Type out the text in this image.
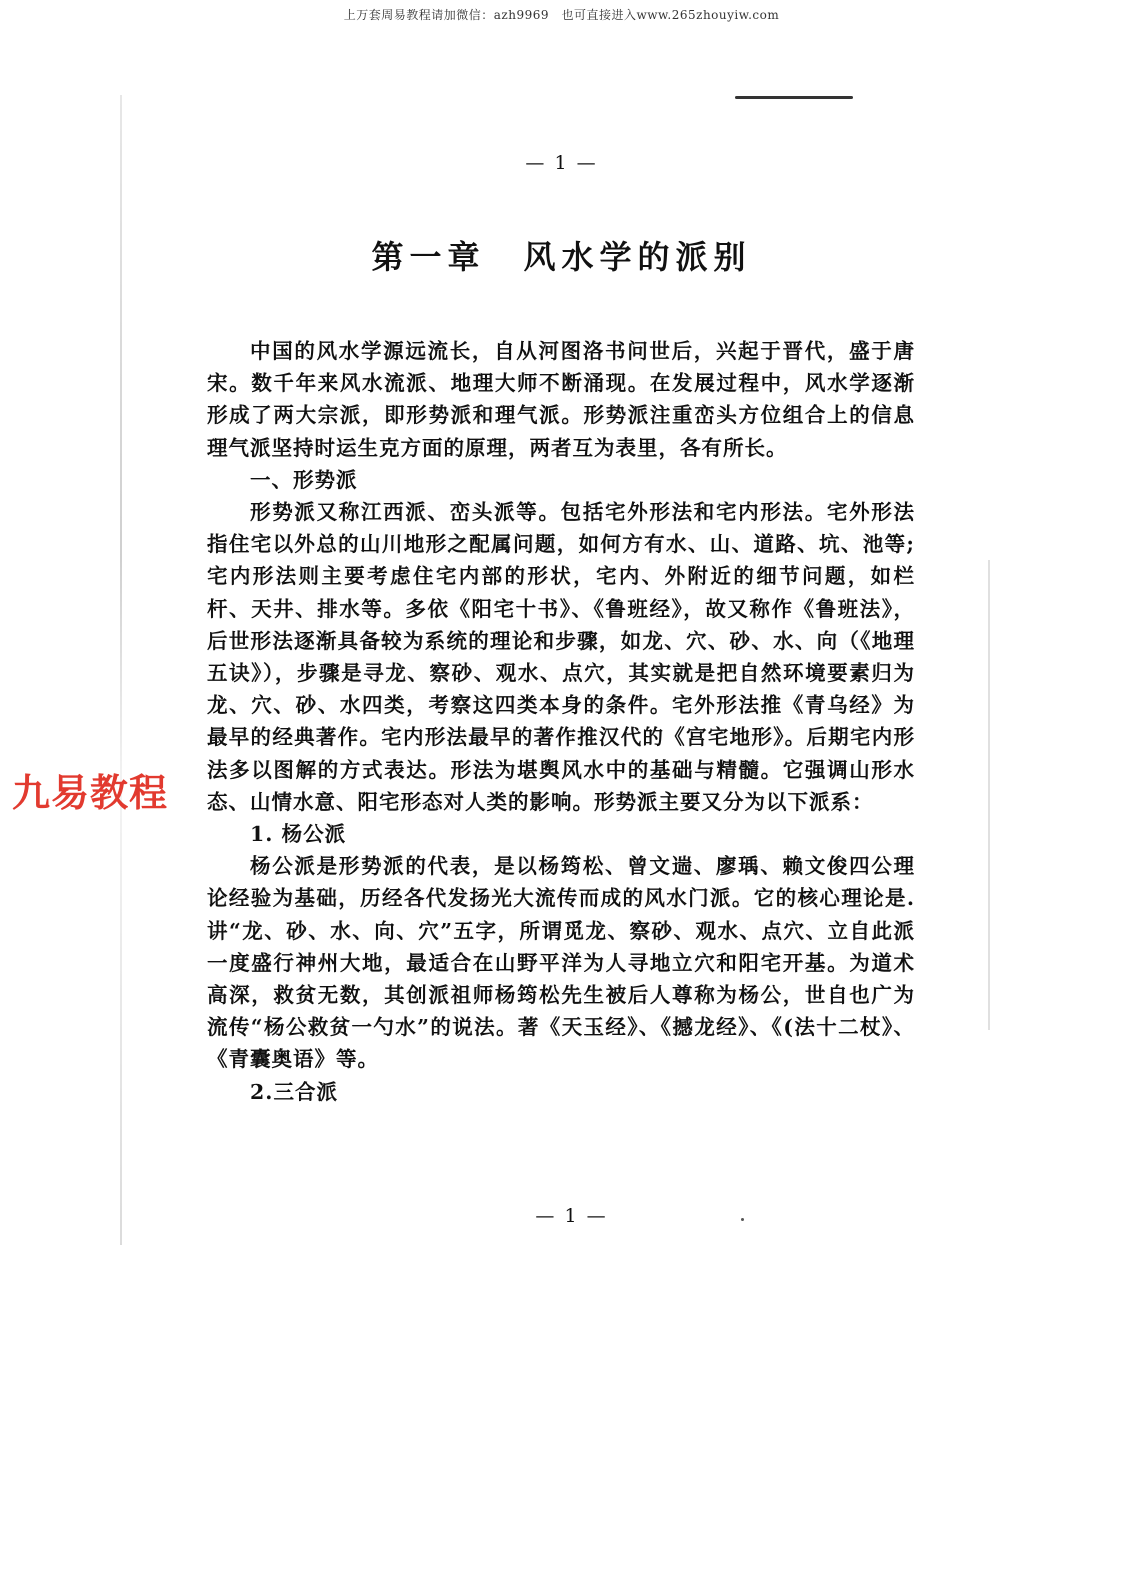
上万套周易教程请加微信：azh9969　也可直接进入www.265zhouyiw.com
— 1 —
第一章　风水学的派别

中国的风水学源远流长，自从河图洛书问世后，兴起于晋代，盛于唐宋。数千年来风水流派、地理大师不断涌现。在发展过程中，风水学逐渐形成了两大宗派，即形势派和理气派。形势派注重峦头方位组合上的信息理气派坚持时运生克方面的原理，两者互为表里，各有所长。

一、形势派

形势派又称江西派、峦头派等。包括宅外形法和宅内形法。宅外形法指住宅以外总的山川地形之配属问题，如何方有水、山、道路、坑、池等;宅内形法则主要考虑住宅内部的形状，宅内、外附近的细节问题，如栏杆、天井、排水等。多依《阳宅十书》、《鲁班经》，故又称作《鲁班法》，后世形法逐渐具备较为系统的理论和步骤，如龙、穴、砂、水、向（《地理五诀》），步骤是寻龙、察砂、观水、点穴，其实就是把自然环境要素归为龙、穴、砂、水四类，考察这四类本身的条件。宅外形法推《青乌经》为最早的经典著作。宅内形法最早的著作推汉代的《宫宅地形》。后期宅内形法多以图解的方式表达。形法为堪舆风水中的基础与精髓。它强调山形水态、山情水意、阳宅形态对人类的影响。形势派主要又分为以下派系：

1. 杨公派

杨公派是形势派的代表，是以杨筠松、曾文遄、廖瑀、赖文俊四公理论经验为基础，历经各代发扬光大流传而成的风水门派。它的核心理论是.讲“龙、砂、水、向、穴”五字，所谓觅龙、察砂、观水、点穴、立自此派一度盛行神州大地，最适合在山野平洋为人寻地立穴和阳宅开基。为道术高深，救贫无数，其创派祖师杨筠松先生被后人尊称为杨公，世自也广为流传“杨公救贫一勺水”的说法。著《天玉经》、《撼龙经》、《(法十二杖》、《青囊奥语》等。

2.三合派
九易教程
— 1 —
